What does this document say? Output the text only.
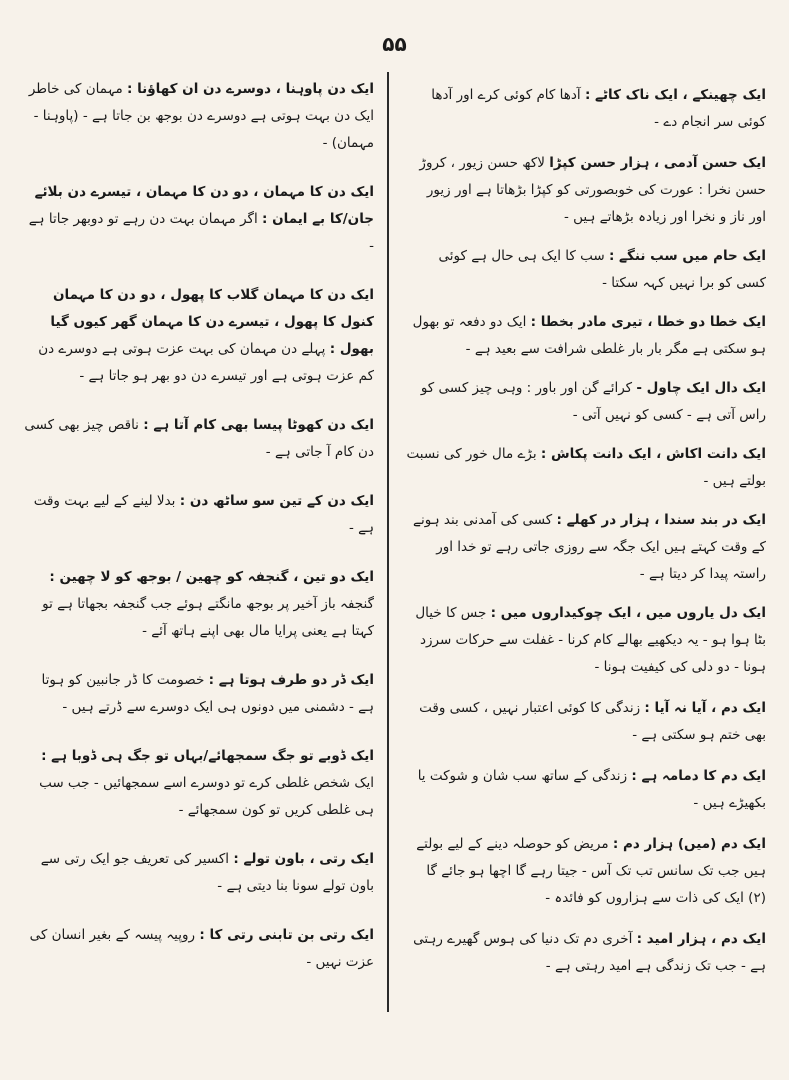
۵۵
ایک چھینکے ، ایک ناک کاٹے : آدھا کام کوئی کرے اور آدھا کوئی سر انجام دے -
ایک حسن آدمی ، ہزار حسن کپڑا لاکھ حسن زیور ، کروڑ حسن نخرا : عورت کی خوبصورتی کو کپڑا بڑھاتا ہے اور زیور اور ناز و نخرا اور زیادہ بڑھاتے ہیں -
ایک حام میں سب ننگے : سب کا ایک ہی حال ہے کوئی کسی کو برا نہیں کہہ سکتا -
ایک خطا دو خطا ، تیری مادر بخطا : ایک دو دفعہ تو بھول ہو سکتی ہے مگر بار بار غلطی شرافت سے بعید ہے -
ایک دال ایک چاول - کرائے گن اور باور : وہی چیز کسی کو راس آتی ہے - کسی کو نہیں آتی -
ایک دانت اکاش ، ایک دانت پکاش : بڑے مال خور کی نسبت بولتے ہیں -
ایک در بند سندا ، ہزار در کھلے : کسی کی آمدنی بند ہونے کے وقت کہتے ہیں ایک جگہ سے روزی جاتی رہے تو خدا اور راستہ پیدا کر دیتا ہے -
ایک دل یاروں میں ، ایک چوکیداروں میں : جس کا خیال بٹا ہوا ہو - یہ دیکھیے بھالے کام کرنا - غفلت سے حرکات سرزد ہونا - دو دلی کی کیفیت ہونا -
ایک دم ، آیا نہ آیا : زندگی کا کوئی اعتبار نہیں ، کسی وقت بھی ختم ہو سکتی ہے -
ایک دم کا دمامہ ہے : زندگی کے ساتھ سب شان و شوکت یا بکھیڑے ہیں -
ایک دم (میں) ہزار دم : مریض کو حوصلہ دینے کے لیے بولتے ہیں جب تک سانس تب تک آس - جیتا رہے گا اچھا ہو جائے گا (۲) ایک کی ذات سے ہزاروں کو فائدہ -
ایک دم ، ہزار امید : آخری دم تک دنیا کی ہوس گھیرے رہتی ہے - جب تک زندگی ہے امید رہتی ہے -
ایک دن پاوہنا ، دوسرے دن ان کھاؤنا : مہمان کی خاطر ایک دن بہت ہوتی ہے دوسرے دن بوجھ بن جاتا ہے - (پاوہنا - مہمان) -
ایک دن کا مہمان ، دو دن کا مہمان ، تیسرے دن بلائے جان/کا بے ایمان : اگر مہمان بہت دن رہے تو دوبھر جاتا ہے -
ایک دن کا مہمان گلاب کا پھول ، دو دن کا مہمان کنول کا پھول ، تیسرے دن کا مہمان گھر کیوں گیا بھول : پہلے دن مہمان کی بہت عزت ہوتی ہے دوسرے دن کم عزت ہوتی ہے اور تیسرے دن دو بھر ہو جاتا ہے -
ایک دن کھوٹا پیسا بھی کام آتا ہے : ناقص چیز بھی کسی دن کام آ جاتی ہے -
ایک دن کے تین سو ساٹھ دن : بدلا لینے کے لیے بہت وقت ہے -
ایک دو تین ، گنجفہ کو چھین / بوجھ کو لا چھین : گنجفہ باز آخیر پر بوجھ مانگتے ہوئے جب گنجفہ بجھاتا ہے تو کہتا ہے یعنی پرایا مال بھی اپنے ہاتھ آئے -
ایک ڈر دو طرف ہوتا ہے : خصومت کا ڈر جانبین کو ہوتا ہے - دشمنی میں دونوں ہی ایک دوسرے سے ڈرتے ہیں -
ایک ڈوبے تو جگ سمجھائے/بہاں تو جگ ہی ڈوبا ہے : ایک شخص غلطی کرے تو دوسرے اسے سمجھائیں - جب سب ہی غلطی کریں تو کون سمجھائے -
ایک رتی ، باون تولے : اکسیر کی تعریف جو ایک رتی سے باون تولے سونا بنا دیتی ہے -
ایک رتی بن تابنی رتی کا : روپیہ پیسہ کے بغیر انسان کی عزت نہیں -
